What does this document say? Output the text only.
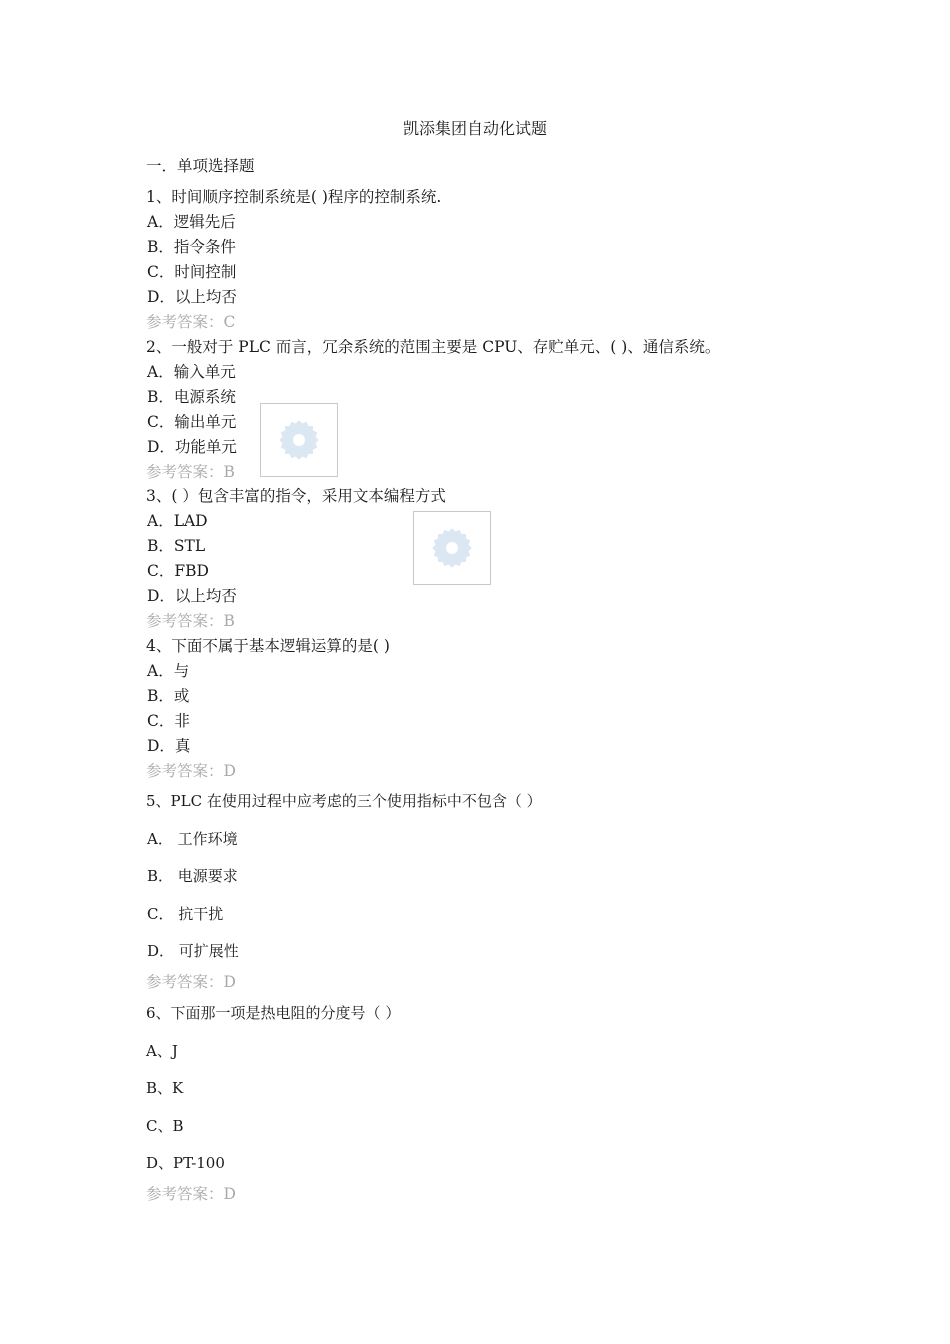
凯添集团自动化试题
一．单项选择题
1、时间顺序控制系统是( )程序的控制系统.
A．逻辑先后
B．指令条件
C．时间控制
D．以上均否
参考答案：C
2、一般对于 PLC 而言，冗余系统的范围主要是 CPU、存贮单元、( )、通信系统。
A．输入单元
B．电源系统
C．输出单元
D．功能单元
参考答案：B
3、( ）包含丰富的指令，采用文本编程方式
A．LAD
B．STL
C．FBD
D．以上均否
参考答案：B
4、下面不属于基本逻辑运算的是( )
A．与
B．或
C．非
D．真
参考答案：D
5、PLC 在使用过程中应考虑的三个使用指标中不包含（ ）
A． 工作环境
B． 电源要求
C． 抗干扰
D． 可扩展性
参考答案：D
6、下面那一项是热电阻的分度号（ ）
A、J
B、K
C、B
D、PT-100
参考答案：D
